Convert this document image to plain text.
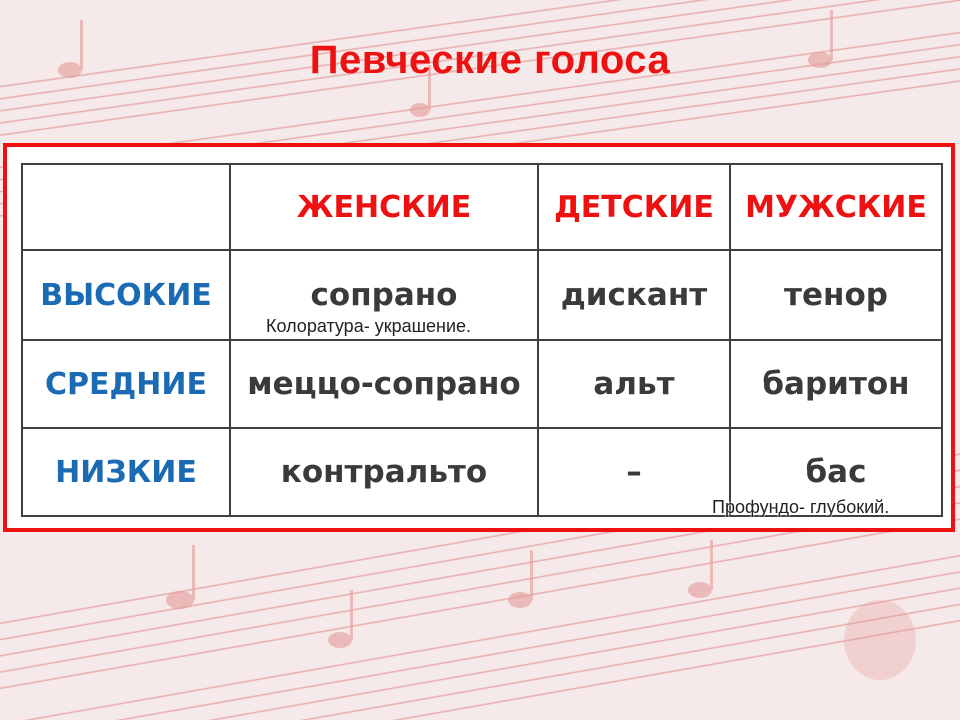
Певческие голоса
	ЖЕНСКИЕ	ДЕТСКИЕ	МУЖСКИЕ
ВЫСОКИЕ	сопрано	дискант	тенор
СРЕДНИЕ	меццо-сопрано	альт	баритон
НИЗКИЕ	контральто	–	бас
Колоратура- украшение.
Профундо- глубокий.
